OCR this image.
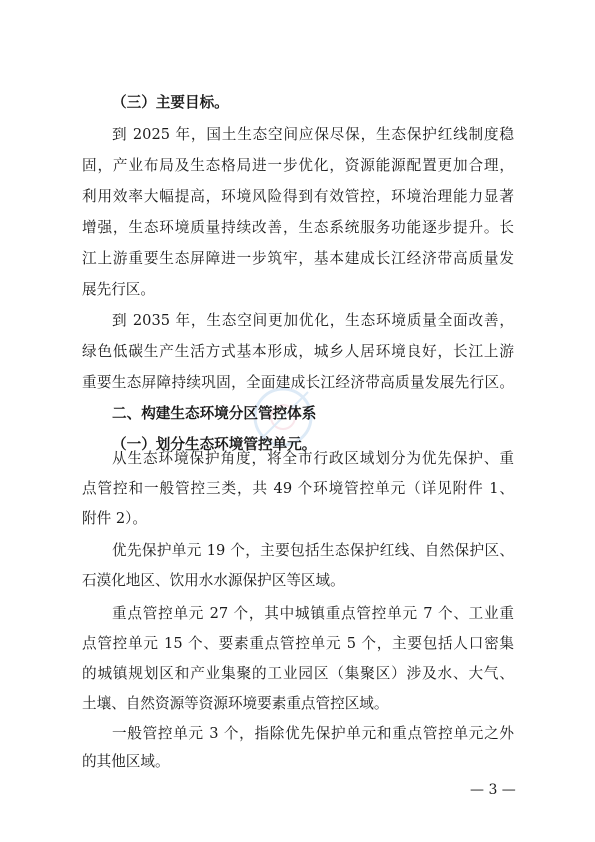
（三）主要目标。
到 2025 年，国土生态空间应保尽保，生态保护红线制度稳
固，产业布局及生态格局进一步优化，资源能源配置更加合理，
利用效率大幅提高，环境风险得到有效管控，环境治理能力显著
增强，生态环境质量持续改善，生态系统服务功能逐步提升。长
江上游重要生态屏障进一步筑牢，基本建成长江经济带高质量发
展先行区。
到 2035 年，生态空间更加优化，生态环境质量全面改善，
绿色低碳生产生活方式基本形成，城乡人居环境良好，长江上游
重要生态屏障持续巩固，全面建成长江经济带高质量发展先行区。
二、构建生态环境分区管控体系
（一）划分生态环境管控单元。
从生态环境保护角度，将全市行政区域划分为优先保护、重
点管控和一般管控三类，共 49 个环境管控单元（详见附件 1、
附件 2）。
优先保护单元 19 个，主要包括生态保护红线、自然保护区、
石漠化地区、饮用水水源保护区等区域。
重点管控单元 27 个，其中城镇重点管控单元 7 个、工业重
点管控单元 15 个、要素重点管控单元 5 个，主要包括人口密集
的城镇规划区和产业集聚的工业园区（集聚区）涉及水、大气、
土壤、自然资源等资源环境要素重点管控区域。
— 3 —
一般管控单元 3 个，指除优先保护单元和重点管控单元之外
的其他区域。
